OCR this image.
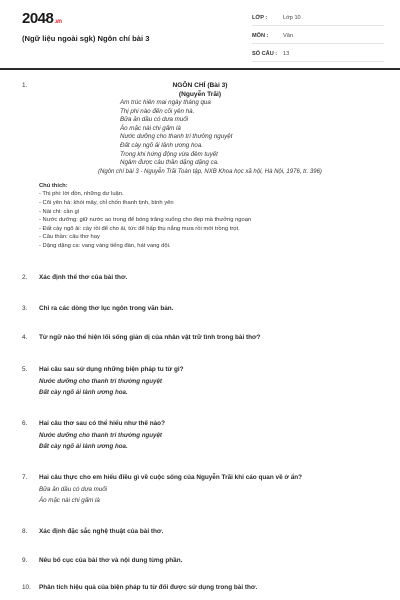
2048.vn
(Ngữ liệu ngoài sgk) Ngôn chí bài 3
LỚP :	Lớp 10
MÔN :	Văn
SỐ CÂU : 13
1.	NGÔN CHÍ (Bài 3)
(Nguyễn Trãi)
Am trúc hiên mai ngày tháng qua
Thị phi nào đến cõi yên hà.
Bữa ăn dầu có dưa muối
Áo mặc nài chi gấm là
Nước dưỡng cho thanh tri thưởng nguyệt
Đất cày ngõ ải lảnh ương hoa.
Trong khi hứng động vừa đêm tuyết
Ngâm được câu thần dặng dặng ca.
(Ngôn chí bài 3 - Nguyễn Trãi Toàn tập, NXB Khoa học xã hội, Hà Nội, 1976, tr. 396)
Chú thích:
- Thị phi: lời đồn, những dư luận.
- Cõi yên hà: khói mây, chỉ chốn thanh tịnh, bình yên
- Nài chi: cần gì
- Nước dưỡng: giữ nước ao trong để bóng trăng xuống cho đẹp mà thưởng ngoạn
- Đất cày ngõ ải: cày rồi để cho ải, tức để hấp thụ nắng mưa rồi mới trồng trọt.
- Câu thần: câu thơ hay
- Dặng dặng ca: vang vàng tiếng đàn, hát vang dội.
2. Xác định thể thơ của bài thơ.
3. Chỉ ra các dòng thơ lục ngôn trong văn bản.
4. Từ ngữ nào thể hiện lối sống giản dị của nhân vật trữ tình trong bài thơ?
5. Hai câu sau sử dụng những biện pháp tu từ gì?
Nước dưỡng cho thanh tri thưởng nguyệt
Đất cày ngõ ải lảnh ương hoa.
6. Hai câu thơ sau có thể hiểu như thế nào?
Nước dưỡng cho thanh tri thưởng nguyệt
Đất cày ngõ ải lảnh ương hoa.
7. Hai câu thực cho em hiểu điều gì về cuộc sống của Nguyễn Trãi khi cáo quan về ở ẩn?
Bữa ăn dầu có dưa muối
Áo mặc nài chi gấm là
8. Xác định đặc sắc nghệ thuật của bài thơ.
9. Nêu bố cục của bài thơ và nội dung từng phần.
10. Phân tích hiệu quả của biện pháp tu từ đối được sử dụng trong bài thơ.
